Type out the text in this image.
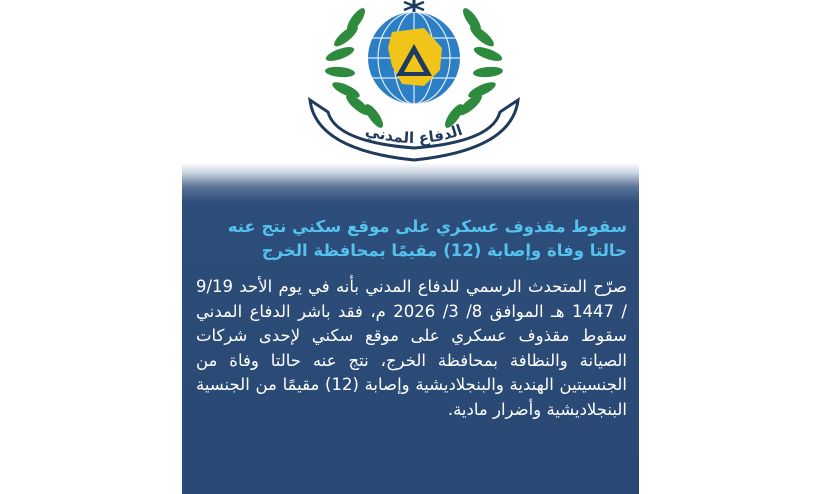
الدفاع المدني

سقوط مقذوف عسكري على موقع سكني نتج عنه حالتا وفاة وإصابة (12) مقيمًا بمحافظة الخرج

صرّح المتحدث الرسمي للدفاع المدني بأنه في يوم الأحد 9/19 / 1447 هـ الموافق 8/ 3/ 2026 م، فقد باشر الدفاع المدني سقوط مقذوف عسكري على موقع سكني لإحدى شركات الصيانة والنظافة بمحافظة الخرج، نتج عنه حالتا وفاة من الجنسيتين الهندية والبنجلاديشية وإصابة (12) مقيمًا من الجنسية البنجلاديشية وأضرار مادية.
